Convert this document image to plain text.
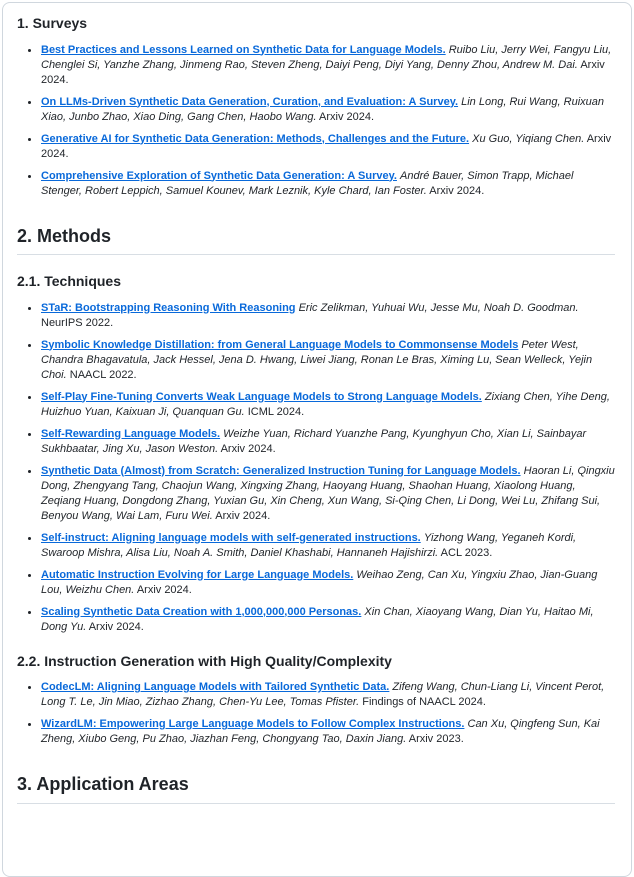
1. Surveys
• Best Practices and Lessons Learned on Synthetic Data for Language Models. Ruibo Liu, Jerry Wei, Fangyu Liu, Chenglei Si, Yanzhe Zhang, Jinmeng Rao, Steven Zheng, Daiyi Peng, Diyi Yang, Denny Zhou, Andrew M. Dai. Arxiv 2024.
• On LLMs-Driven Synthetic Data Generation, Curation, and Evaluation: A Survey. Lin Long, Rui Wang, Ruixuan Xiao, Junbo Zhao, Xiao Ding, Gang Chen, Haobo Wang. Arxiv 2024.
• Generative AI for Synthetic Data Generation: Methods, Challenges and the Future. Xu Guo, Yiqiang Chen. Arxiv 2024.
• Comprehensive Exploration of Synthetic Data Generation: A Survey. André Bauer, Simon Trapp, Michael Stenger, Robert Leppich, Samuel Kounev, Mark Leznik, Kyle Chard, Ian Foster. Arxiv 2024.
2. Methods
2.1. Techniques
• STaR: Bootstrapping Reasoning With Reasoning Eric Zelikman, Yuhuai Wu, Jesse Mu, Noah D. Goodman. NeurIPS 2022.
• Symbolic Knowledge Distillation: from General Language Models to Commonsense Models Peter West, Chandra Bhagavatula, Jack Hessel, Jena D. Hwang, Liwei Jiang, Ronan Le Bras, Ximing Lu, Sean Welleck, Yejin Choi. NAACL 2022.
• Self-Play Fine-Tuning Converts Weak Language Models to Strong Language Models. Zixiang Chen, Yihe Deng, Huizhuo Yuan, Kaixuan Ji, Quanquan Gu. ICML 2024.
• Self-Rewarding Language Models. Weizhe Yuan, Richard Yuanzhe Pang, Kyunghyun Cho, Xian Li, Sainbayar Sukhbaatar, Jing Xu, Jason Weston. Arxiv 2024.
• Synthetic Data (Almost) from Scratch: Generalized Instruction Tuning for Language Models. Haoran Li, Qingxiu Dong, Zhengyang Tang, Chaojun Wang, Xingxing Zhang, Haoyang Huang, Shaohan Huang, Xiaolong Huang, Zeqiang Huang, Dongdong Zhang, Yuxian Gu, Xin Cheng, Xun Wang, Si-Qing Chen, Li Dong, Wei Lu, Zhifang Sui, Benyou Wang, Wai Lam, Furu Wei. Arxiv 2024.
• Self-instruct: Aligning language models with self-generated instructions. Yizhong Wang, Yeganeh Kordi, Swaroop Mishra, Alisa Liu, Noah A. Smith, Daniel Khashabi, Hannaneh Hajishirzi. ACL 2023.
• Automatic Instruction Evolving for Large Language Models. Weihao Zeng, Can Xu, Yingxiu Zhao, Jian-Guang Lou, Weizhu Chen. Arxiv 2024.
• Scaling Synthetic Data Creation with 1,000,000,000 Personas. Xin Chan, Xiaoyang Wang, Dian Yu, Haitao Mi, Dong Yu. Arxiv 2024.
2.2. Instruction Generation with High Quality/Complexity
• CodecLM: Aligning Language Models with Tailored Synthetic Data. Zifeng Wang, Chun-Liang Li, Vincent Perot, Long T. Le, Jin Miao, Zizhao Zhang, Chen-Yu Lee, Tomas Pfister. Findings of NAACL 2024.
• WizardLM: Empowering Large Language Models to Follow Complex Instructions. Can Xu, Qingfeng Sun, Kai Zheng, Xiubo Geng, Pu Zhao, Jiazhan Feng, Chongyang Tao, Daxin Jiang. Arxiv 2023.
3. Application Areas
